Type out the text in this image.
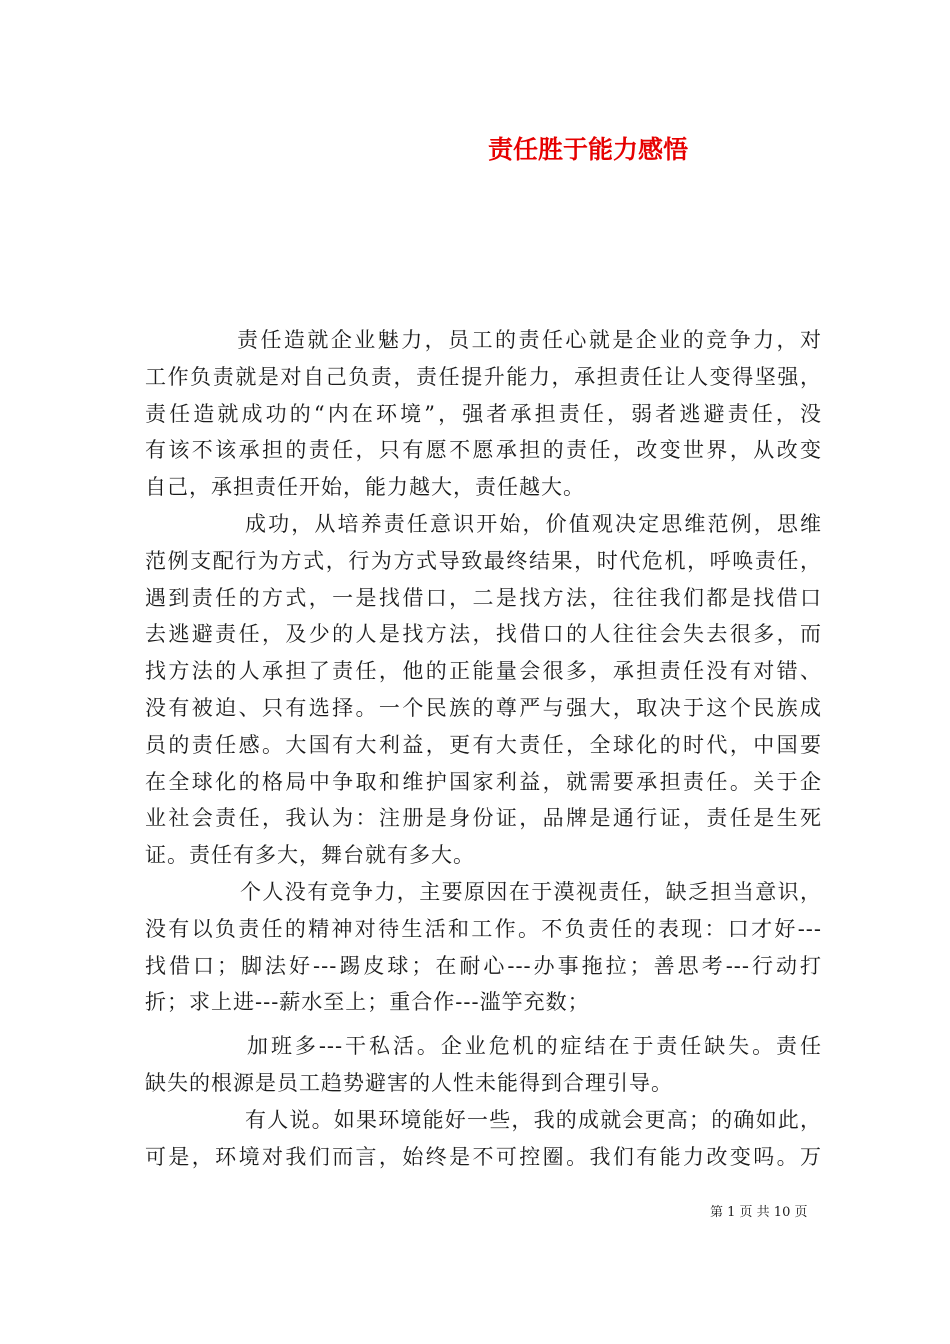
责任胜于能力感悟
责任造就企业魅力，员工的责任心就是企业的竞争力，对
工作负责就是对自己负责，责任提升能力，承担责任让人变得坚强，
责任造就成功的“内在环境”，强者承担责任，弱者逃避责任，没
有该不该承担的责任，只有愿不愿承担的责任，改变世界，从改变
自己，承担责任开始，能力越大，责任越大。
成功，从培养责任意识开始，价值观决定思维范例，思维
范例支配行为方式，行为方式导致最终结果，时代危机，呼唤责任，
遇到责任的方式，一是找借口，二是找方法，往往我们都是找借口
去逃避责任，及少的人是找方法，找借口的人往往会失去很多，而
找方法的人承担了责任，他的正能量会很多，承担责任没有对错、
没有被迫、只有选择。一个民族的尊严与强大，取决于这个民族成
员的责任感。大国有大利益，更有大责任，全球化的时代，中国要
在全球化的格局中争取和维护国家利益，就需要承担责任。关于企
业社会责任，我认为：注册是身份证，品牌是通行证，责任是生死
证。责任有多大，舞台就有多大。
个人没有竞争力，主要原因在于漠视责任，缺乏担当意识，
没有以负责任的精神对待生活和工作。不负责任的表现：口才好---
找借口；脚法好---踢皮球；在耐心---办事拖拉；善思考---行动打
折；求上进---薪水至上；重合作---滥竽充数；
加班多---干私活。企业危机的症结在于责任缺失。责任
缺失的根源是员工趋势避害的人性未能得到合理引导。
有人说。如果环境能好一些，我的成就会更高；的确如此，
可是，环境对我们而言，始终是不可控圈。我们有能力改变吗。万
第 1 页 共 10 页
